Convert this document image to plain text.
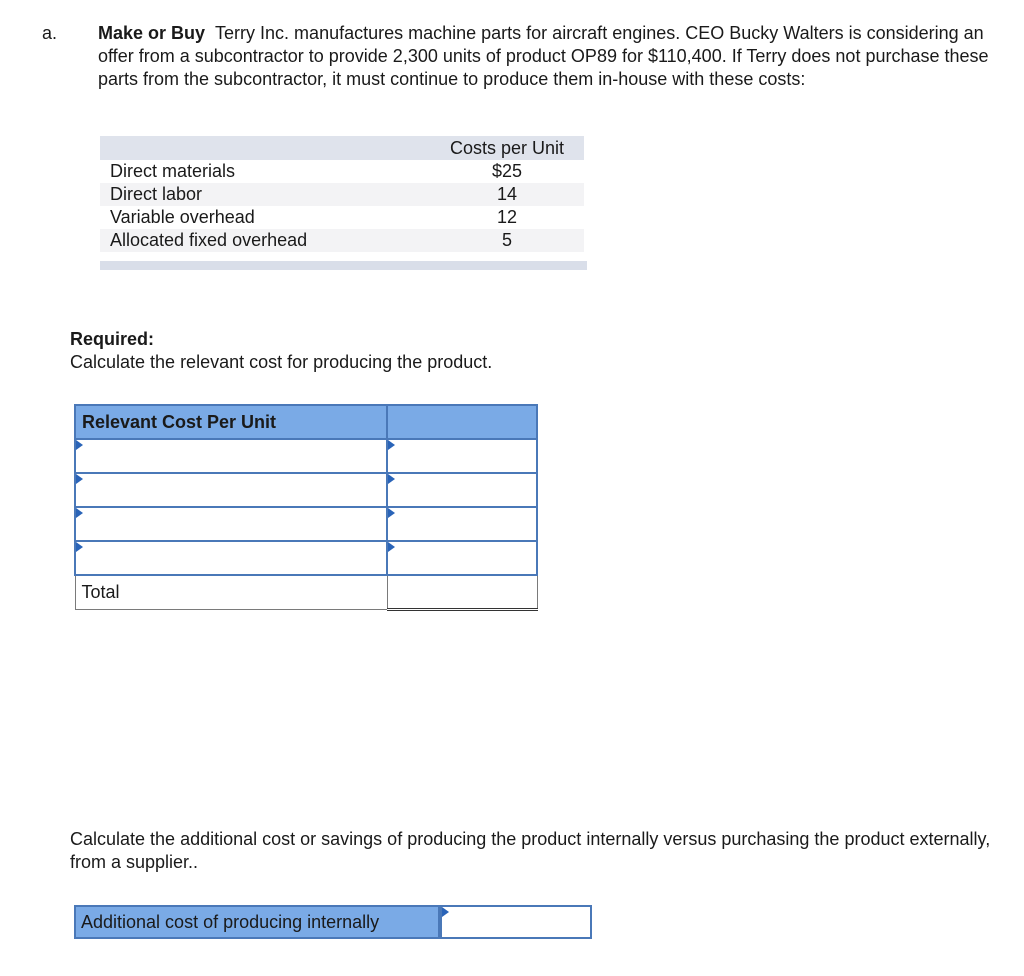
a. Make or Buy Terry Inc. manufactures machine parts for aircraft engines. CEO Bucky Walters is considering an offer from a subcontractor to provide 2,300 units of product OP89 for $110,400. If Terry does not purchase these parts from the subcontractor, it must continue to produce them in-house with these costs:
Costs per Unit
Direct materials	$25
Direct labor	14
Variable overhead	12
Allocated fixed overhead	5
Required:
Calculate the relevant cost for producing the product.
Relevant Cost Per Unit	

Total	
Calculate the additional cost or savings of producing the product internally versus purchasing the product externally, from a supplier..
Additional cost of producing internally
